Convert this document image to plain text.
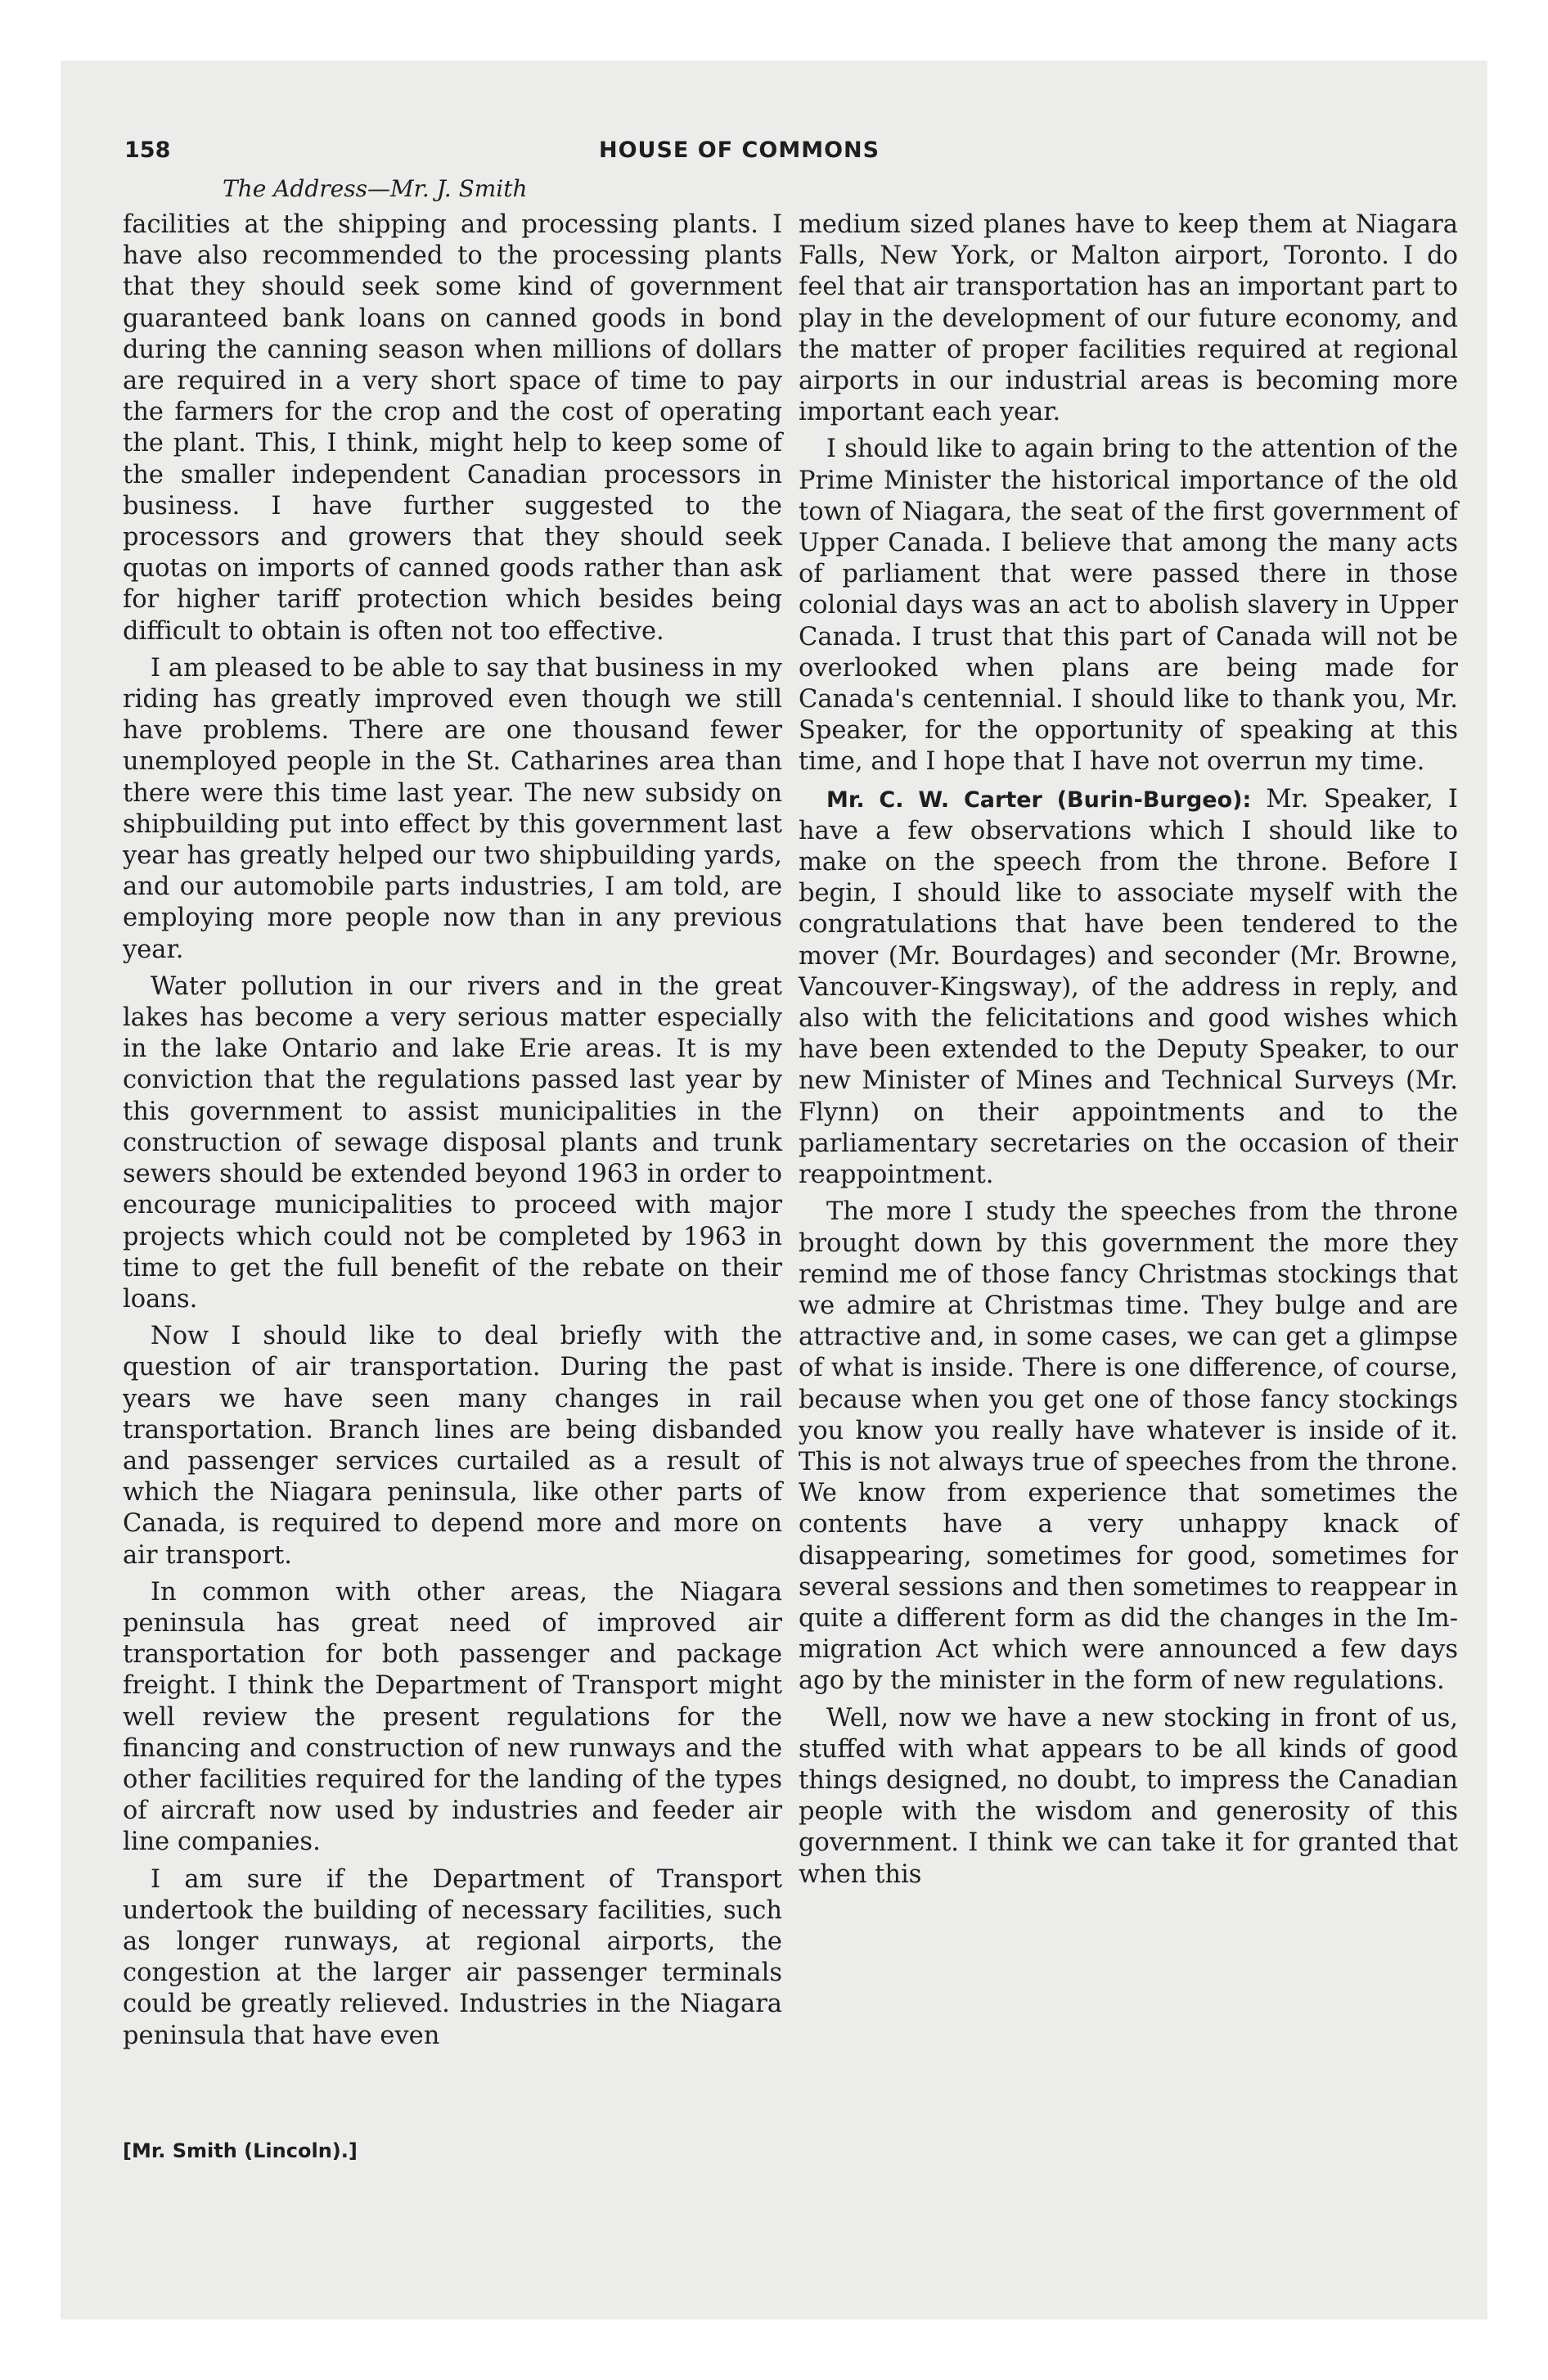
158	HOUSE OF COMMONS
The Address—Mr. J. Smith

facilities at the shipping and processing plants. I have also recommended to the processing plants that they should seek some kind of government guaranteed bank loans on canned goods in bond during the canning season when millions of dollars are required in a very short space of time to pay the farmers for the crop and the cost of operating the plant. This, I think, might help to keep some of the smaller independent Canadian processors in business. I have further suggested to the processors and growers that they should seek quotas on imports of canned goods rather than ask for higher tariff protection which besides being difficult to obtain is often not too effective.

I am pleased to be able to say that business in my riding has greatly improved even though we still have problems. There are one thousand fewer unemployed people in the St. Catharines area than there were this time last year. The new subsidy on shipbuilding put into effect by this government last year has greatly helped our two shipbuilding yards, and our automobile parts industries, I am told, are employing more people now than in any previous year.

Water pollution in our rivers and in the great lakes has become a very serious matter especially in the lake Ontario and lake Erie areas. It is my conviction that the regulations passed last year by this government to assist municipalities in the construction of sewage disposal plants and trunk sewers should be extended beyond 1963 in order to encourage municipalities to proceed with major projects which could not be completed by 1963 in time to get the full benefit of the rebate on their loans.

Now I should like to deal briefly with the question of air transportation. During the past years we have seen many changes in rail transportation. Branch lines are being disbanded and passenger services curtailed as a result of which the Niagara peninsula, like other parts of Canada, is required to depend more and more on air transport.

In common with other areas, the Niagara peninsula has great need of improved air transportation for both passenger and package freight. I think the Department of Transport might well review the present regulations for the financing and construction of new runways and the other facilities required for the landing of the types of aircraft now used by industries and feeder air line companies.

I am sure if the Department of Transport undertook the building of necessary facilities, such as longer runways, at regional airports, the congestion at the larger air passenger terminals could be greatly relieved. Industries in the Niagara peninsula that have even

medium sized planes have to keep them at Niagara Falls, New York, or Malton airport, Toronto. I do feel that air transportation has an important part to play in the development of our future economy, and the matter of proper facilities required at regional airports in our industrial areas is becoming more important each year.

I should like to again bring to the attention of the Prime Minister the historical importance of the old town of Niagara, the seat of the first government of Upper Canada. I believe that among the many acts of parliament that were passed there in those colonial days was an act to abolish slavery in Upper Canada. I trust that this part of Canada will not be overlooked when plans are being made for Canada's centennial. I should like to thank you, Mr. Speaker, for the opportunity of speaking at this time, and I hope that I have not overrun my time.

Mr. C. W. Carter (Burin-Burgeo): Mr. Speaker, I have a few observations which I should like to make on the speech from the throne. Before I begin, I should like to associate myself with the congratulations that have been tendered to the mover (Mr. Bourdages) and seconder (Mr. Browne, Vancouver-Kingsway), of the address in reply, and also with the felicitations and good wishes which have been extended to the Deputy Speaker, to our new Minister of Mines and Technical Surveys (Mr. Flynn) on their appointments and to the parliamentary secretaries on the occasion of their reappointment.

The more I study the speeches from the throne brought down by this government the more they remind me of those fancy Christmas stockings that we admire at Christmas time. They bulge and are attractive and, in some cases, we can get a glimpse of what is inside. There is one difference, of course, because when you get one of those fancy stockings you know you really have whatever is inside of it. This is not always true of speeches from the throne. We know from experience that sometimes the contents have a very unhappy knack of disappearing, sometimes for good, sometimes for several sessions and then sometimes to reappear in quite a different form as did the changes in the Immigration Act which were announced a few days ago by the minister in the form of new regulations.

Well, now we have a new stocking in front of us, stuffed with what appears to be all kinds of good things designed, no doubt, to impress the Canadian people with the wisdom and generosity of this government. I think we can take it for granted that when this

[Mr. Smith (Lincoln).]
